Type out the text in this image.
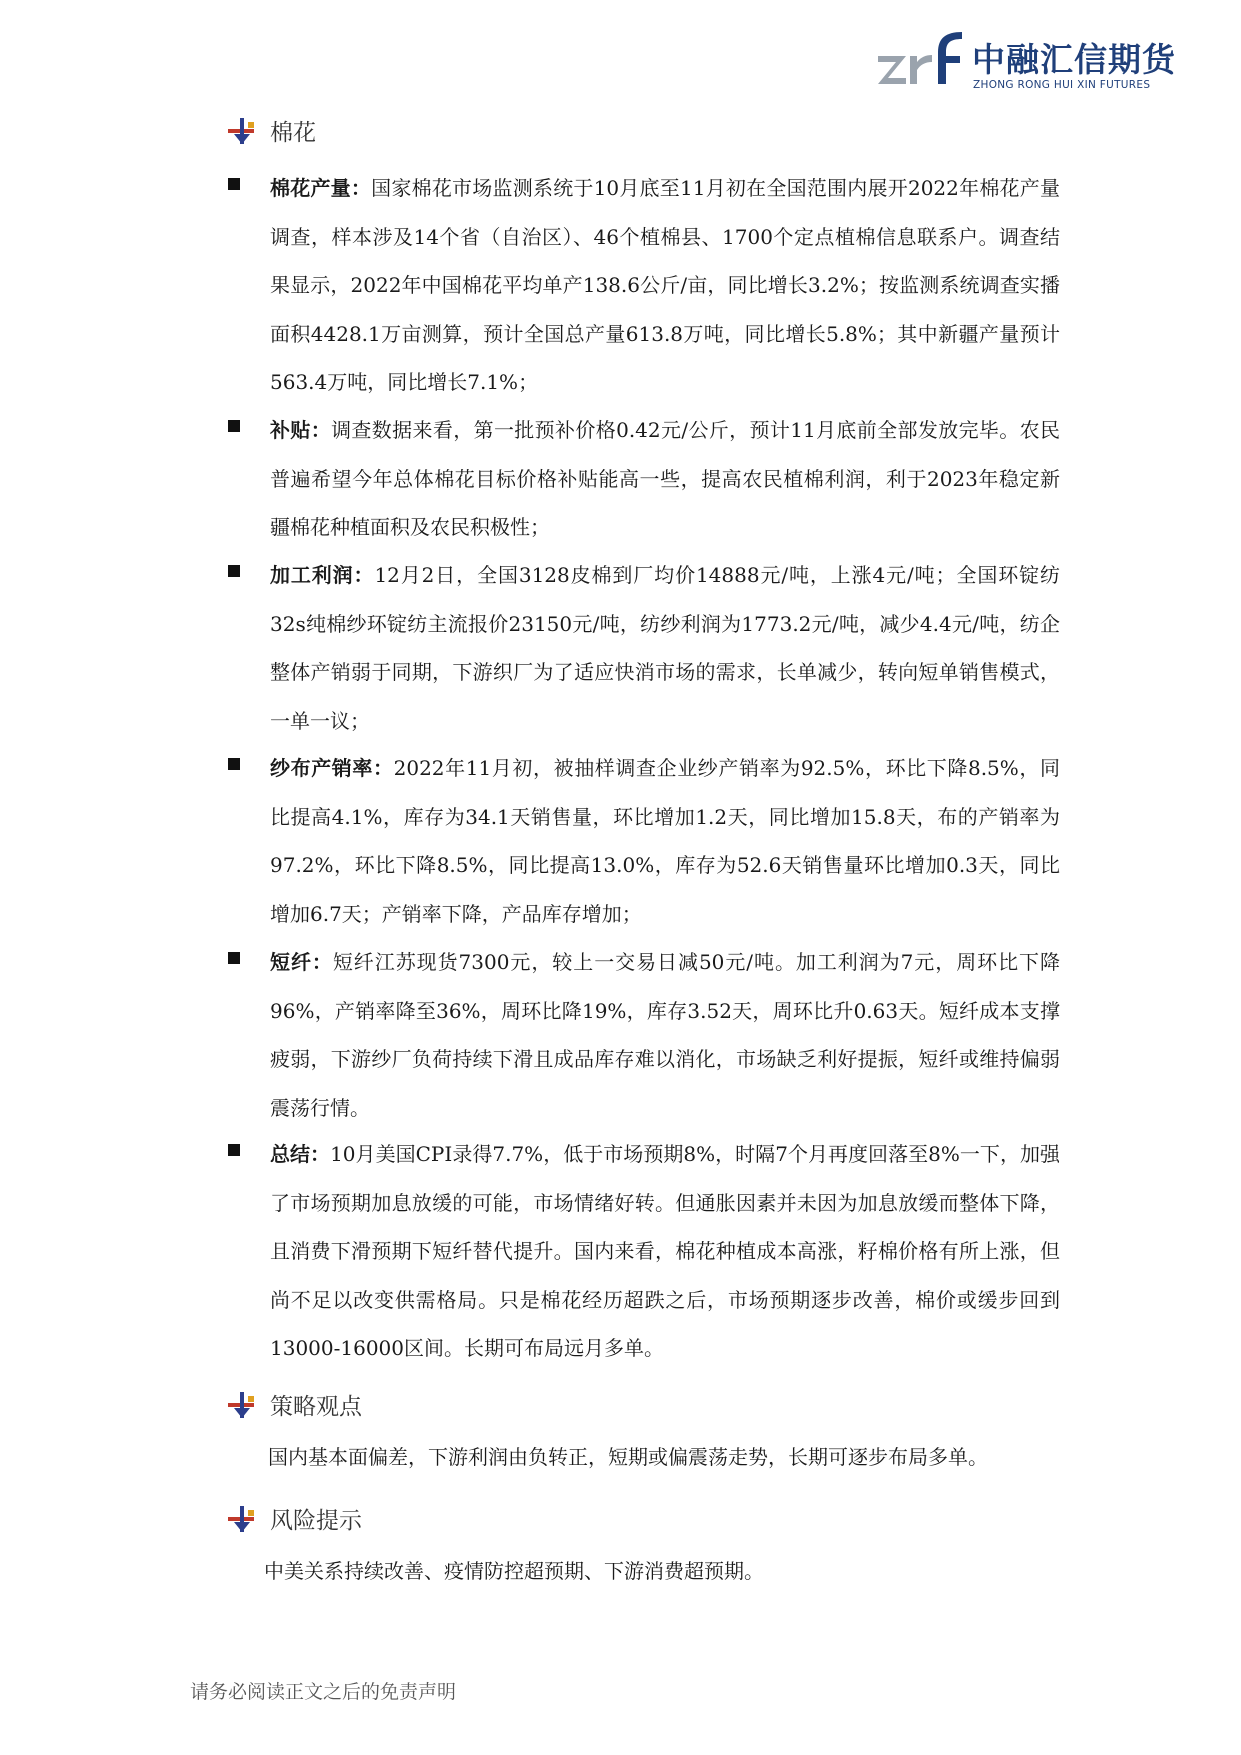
中融汇信期货
ZHONG RONG HUI XIN FUTURES
棉花
棉花产量：国家棉花市场监测系统于10月底至11月初在全国范围内展开2022年棉花产量调查，样本涉及14个省（自治区）、46个植棉县、1700个定点植棉信息联系户。调查结果显示，2022年中国棉花平均单产138.6公斤/亩，同比增长3.2%；按监测系统调查实播面积4428.1万亩测算，预计全国总产量613.8万吨，同比增长5.8%；其中新疆产量预计563.4万吨，同比增长7.1%；
补贴：调查数据来看，第一批预补价格0.42元/公斤，预计11月底前全部发放完毕。农民普遍希望今年总体棉花目标价格补贴能高一些，提高农民植棉利润，利于2023年稳定新疆棉花种植面积及农民积极性；
加工利润：12月2日，全国3128皮棉到厂均价14888元/吨，上涨4元/吨；全国环锭纺32s纯棉纱环锭纺主流报价23150元/吨，纺纱利润为1773.2元/吨，减少4.4元/吨，纺企整体产销弱于同期，下游织厂为了适应快消市场的需求，长单减少，转向短单销售模式，一单一议；
纱布产销率：2022年11月初，被抽样调查企业纱产销率为92.5%，环比下降8.5%，同比提高4.1%，库存为34.1天销售量，环比增加1.2天，同比增加15.8天，布的产销率为97.2%，环比下降8.5%，同比提高13.0%，库存为52.6天销售量环比增加0.3天，同比增加6.7天；产销率下降，产品库存增加；
短纤：短纤江苏现货7300元，较上一交易日减50元/吨。加工利润为7元，周环比下降96%，产销率降至36%，周环比降19%，库存3.52天，周环比升0.63天。短纤成本支撑疲弱，下游纱厂负荷持续下滑且成品库存难以消化，市场缺乏利好提振，短纤或维持偏弱震荡行情。
总结：10月美国CPI录得7.7%，低于市场预期8%，时隔7个月再度回落至8%一下，加强了市场预期加息放缓的可能，市场情绪好转。但通胀因素并未因为加息放缓而整体下降，且消费下滑预期下短纤替代提升。国内来看，棉花种植成本高涨，籽棉价格有所上涨，但尚不足以改变供需格局。只是棉花经历超跌之后，市场预期逐步改善，棉价或缓步回到13000-16000区间。长期可布局远月多单。
策略观点
国内基本面偏差，下游利润由负转正，短期或偏震荡走势，长期可逐步布局多单。
风险提示
中美关系持续改善、疫情防控超预期、下游消费超预期。
请务必阅读正文之后的免责声明
